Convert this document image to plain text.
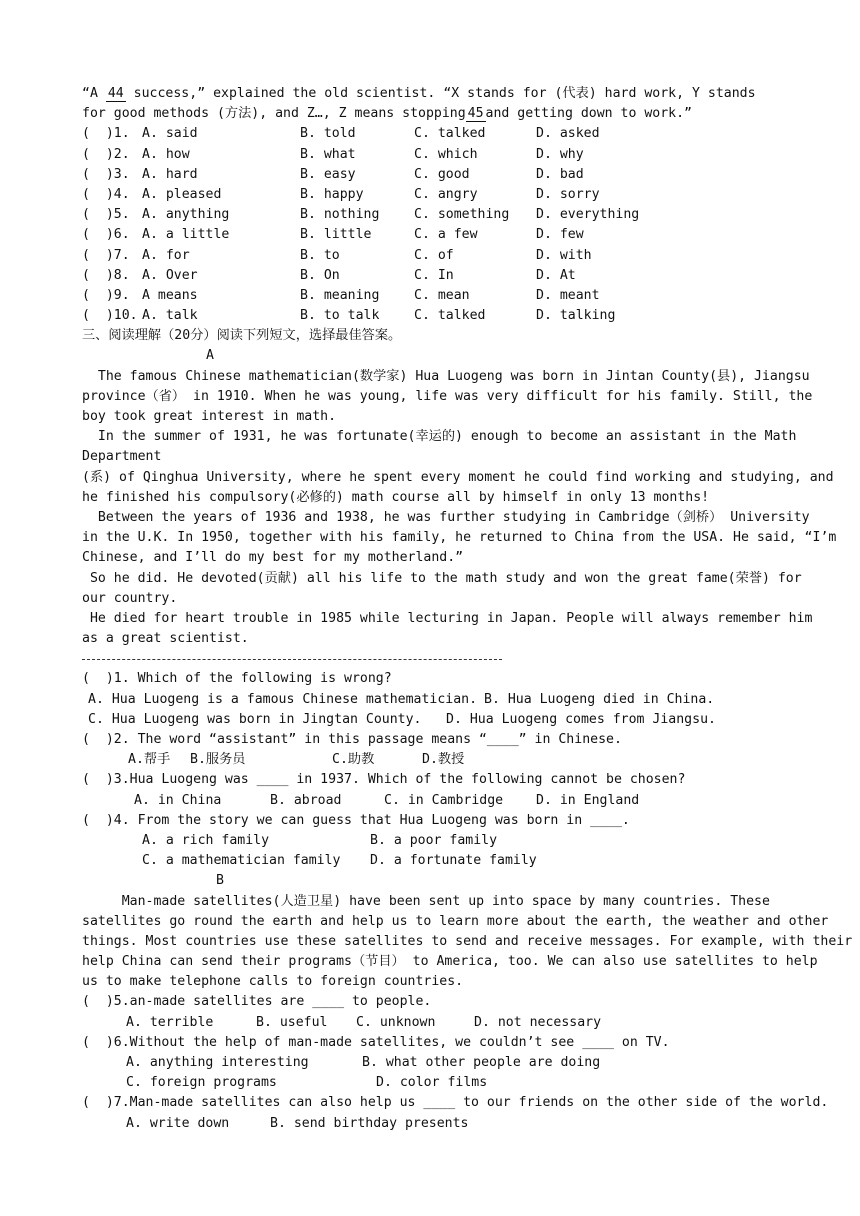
“A 44 success,” explained the old scientist. “X stands for (代表) hard work, Y stands
for good methods (方法), and Z…, Z means stopping 45 and getting down to work.”
(  )1. A. said	B. told	C. talked	D. asked
(  )2. A. how	B. what	C. which	D. why
(  )3. A. hard	B. easy	C. good	D. bad
(  )4. A. pleased	B. happy	C. angry	D. sorry
(  )5. A. anything	B. nothing	C. something D. everything
(  )6. A. a little	B. little	C. a few	D. few
(  )7. A. for	B. to	C. of	D. with
(  )8. A. Over	B. On	C. In	D. At
(  )9. A means	B. meaning	C. mean	D. meant
(  )10. A. talk	B. to talk	C. talked	D. talking
三、阅读理解（20分）阅读下列短文，选择最佳答案。
A
The famous Chinese mathematician(数学家) Hua Luogeng was born in Jintan County(县), Jiangsu
province（省） in 1910. When he was young, life was very difficult for his family. Still, the
boy took great interest in math.
In the summer of 1931, he was fortunate(幸运的) enough to become an assistant in the Math
Department
(系) of Qinghua University, where he spent every moment he could find working and studying, and
he finished his compulsory(必修的) math course all by himself in only 13 months!
Between the years of 1936 and 1938, he was further studying in Cambridge（剑桥） University
in the U.K. In 1950, together with his family, he returned to China from the USA. He said, “I’m
Chinese, and I’ll do my best for my motherland.”
So he did. He devoted(贡献) all his life to the math study and won the great fame(荣誉) for
our country.
He died for heart trouble in 1985 while lecturing in Japan. People will always remember him
as a great scientist.
(  )1. Which of the following is wrong?
A. Hua Luogeng is a famous Chinese mathematician. B. Hua Luogeng died in China.
C. Hua Luogeng was born in Jingtan County. D. Hua Luogeng comes from Jiangsu.
(  )2. The word “assistant” in this passage means “____” in Chinese.
A.帮手 B.服务员	C.助教	D.教授
(  )3.Hua Luogeng was ____ in 1937. Which of the following cannot be chosen?
A. in China	B. abroad	C. in Cambridge D. in England
(  )4. From the story we can guess that Hua Luogeng was born in ____.
A. a rich family	B. a poor family
C. a mathematician family D. a fortunate family
B
Man-made satellites(人造卫星) have been sent up into space by many countries. These
satellites go round the earth and help us to learn more about the earth, the weather and other
things. Most countries use these satellites to send and receive messages. For example, with their
help China can send their programs（节目） to America, too. We can also use satellites to help
us to make telephone calls to foreign countries.
(  )5.an-made satellites are ____ to people.
A. terrible	B. useful C. unknown	D. not necessary
(  )6.Without the help of man-made satellites, we couldn’t see ____ on TV.
A. anything interesting	B. what other people are doing
C. foreign programs	D. color films
(  )7.Man-made satellites can also help us ____ to our friends on the other side of the world.
A. write down	B. send birthday presents
